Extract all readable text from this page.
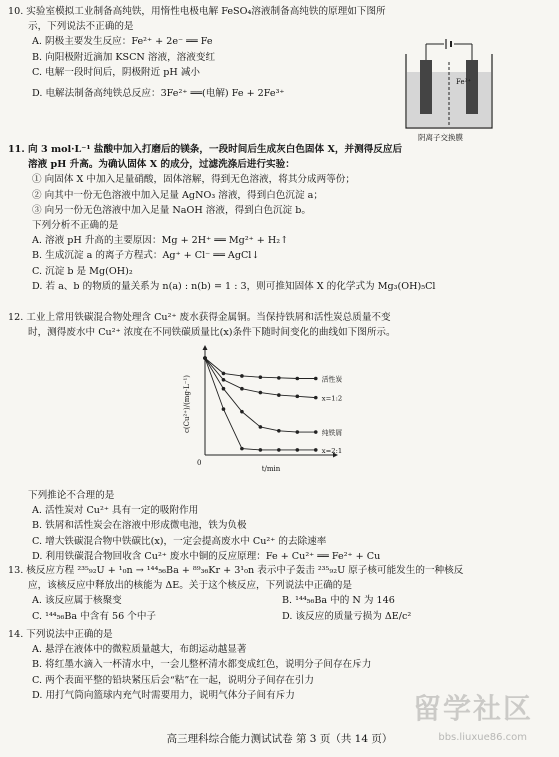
10. 实验室模拟工业制备高纯铁，用惰性电极电解 FeSO₄溶液制备高纯铁的原理如下图所
示，下列说法不正确的是
A. 阴极主要发生反应：Fe²⁺ + 2e⁻ ══ Fe
B. 向阳极附近滴加 KSCN 溶液，溶液变红
C. 电解一段时间后，阴极附近 pH 减小
D. 电解法制备高纯铁总反应：3Fe²⁺ ══(电解) Fe + 2Fe³⁺
Fe²⁺
阴离子交换膜
11. 向 3 mol·L⁻¹ 盐酸中加入打磨后的镁条，一段时间后生成灰白色固体 X，并测得反应后
溶液 pH 升高。为确认固体 X 的成分，过滤洗涤后进行实验：
① 向固体 X 中加入足量硝酸，固体溶解，得到无色溶液，将其分成两等份；
② 向其中一份无色溶液中加入足量 AgNO₃ 溶液，得到白色沉淀 a；
③ 向另一份无色溶液中加入足量 NaOH 溶液，得到白色沉淀 b。
下列分析不正确的是
A. 溶液 pH 升高的主要原因：Mg + 2H⁺ ══ Mg²⁺ + H₂↑
B. 生成沉淀 a 的离子方程式：Ag⁺ + Cl⁻ ══ AgCl↓
C. 沉淀 b 是 Mg(OH)₂
D. 若 a、b 的物质的量关系为 n(a) : n(b) = 1 : 3，则可推知固体 X 的化学式为 Mg₃(OH)₅Cl
12. 工业上常用铁碳混合物处理含 Cu²⁺ 废水获得金属铜。当保持铁屑和活性炭总质量不变
时，测得废水中 Cu²⁺ 浓度在不同铁碳质量比(x)条件下随时间变化的曲线如下图所示。
c(Cu²⁺)/(mg·L⁻¹)
t/min
0
活性炭
x=1:2
纯铁屑
x=2:1
下列推论不合理的是
A. 活性炭对 Cu²⁺ 具有一定的吸附作用
B. 铁屑和活性炭会在溶液中形成微电池，铁为负极
C. 增大铁碳混合物中铁碳比(x)，一定会提高废水中 Cu²⁺ 的去除速率
D. 利用铁碳混合物回收含 Cu²⁺ 废水中铜的反应原理：Fe + Cu²⁺ ══ Fe²⁺ + Cu
13. 核反应方程 ²³⁵₉₂U + ¹₀n → ¹⁴⁴₅₆Ba + ⁸⁹₃₆Kr + 3¹₀n 表示中子轰击 ²³⁵₉₂U 原子核可能发生的一种核反
应，该核反应中释放出的核能为 ΔE。关于这个核反应，下列说法中正确的是
A. 该反应属于核聚变	B. ¹⁴⁴₅₆Ba 中的 N 为 146
C. ¹⁴⁴₅₆Ba 中含有 56 个中子	D. 该反应的质量亏损为 ΔE/c²
14. 下列说法中正确的是
A. 悬浮在液体中的微粒质量越大，布朗运动越显著
B. 将红墨水滴入一杯清水中，一会儿整杯清水都变成红色，说明分子间存在斥力
C. 两个表面平整的铅块紧压后会“粘”在一起，说明分子间存在引力
D. 用打气筒向篮球内充气时需要用力，说明气体分子间有斥力
高三理科综合能力测试试卷 第 3 页（共 14 页）
留学社区
bbs.liuxue86.com
